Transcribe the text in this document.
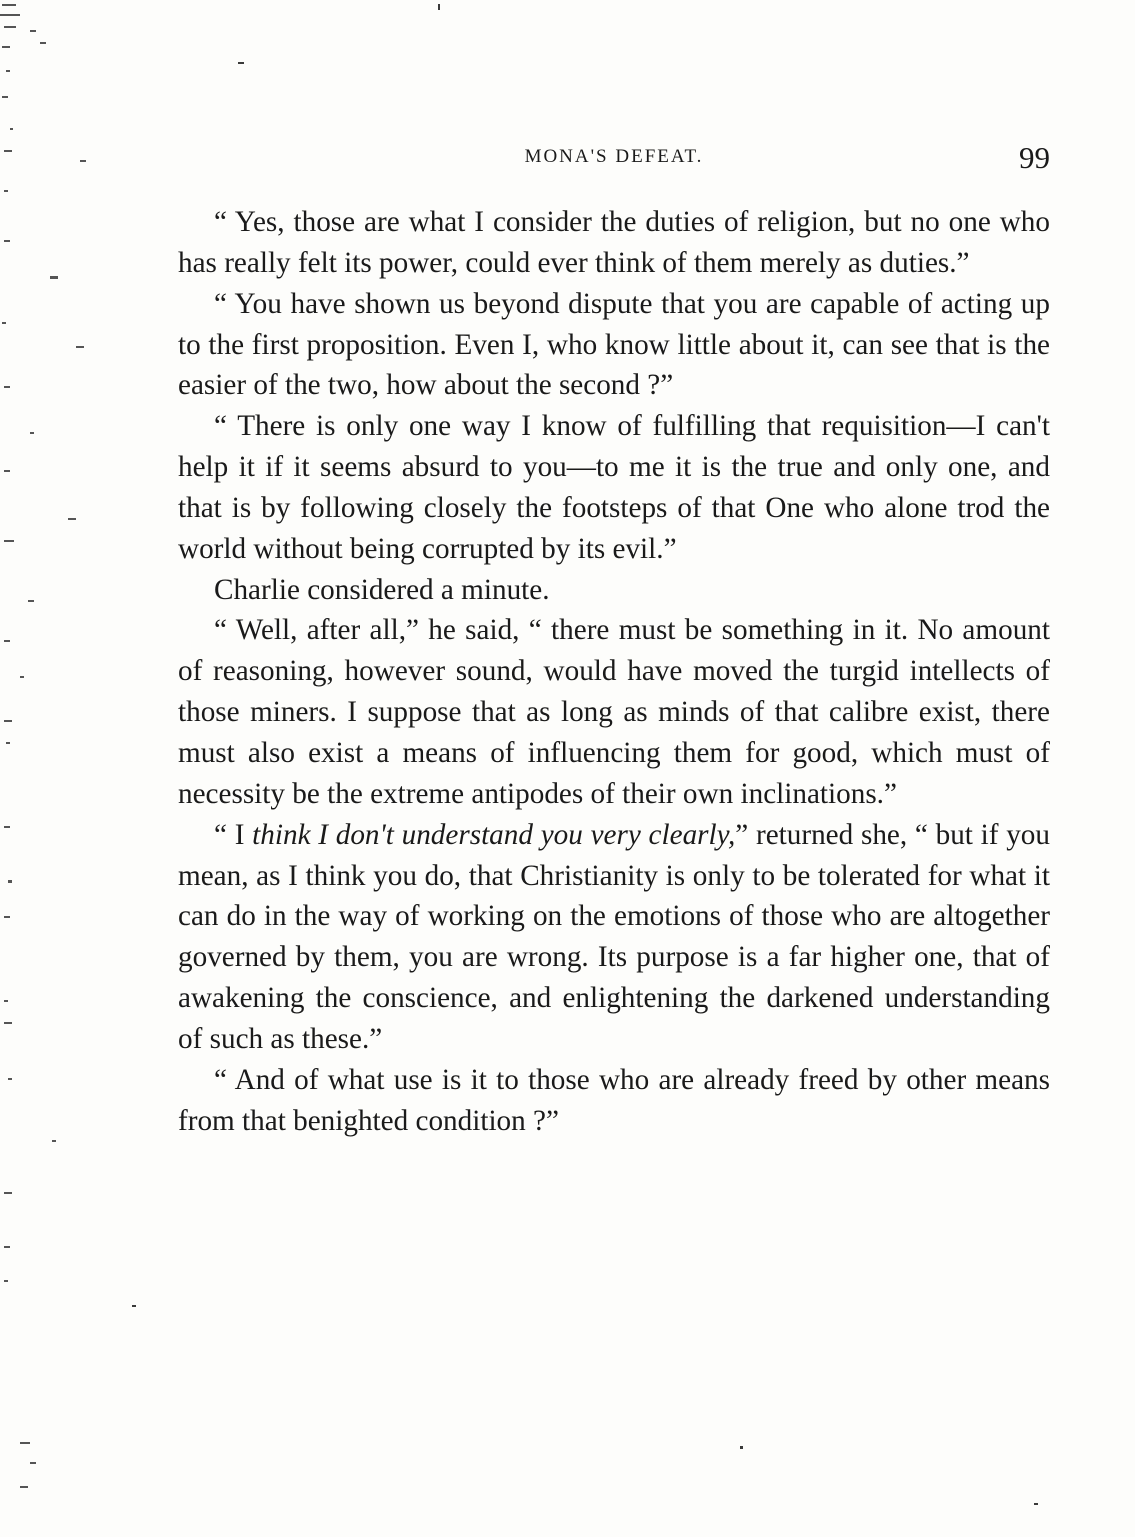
MONA'S DEFEAT.	99

“ Yes, those are what I consider the duties of religion, but no one who has really felt its power, could ever think of them merely as duties.”

“ You have shown us beyond dispute that you are capable of acting up to the first proposition. Even I, who know little about it, can see that is the easier of the two, how about the second ?”

“ There is only one way I know of fulfilling that requisition—I can't help it if it seems absurd to you—to me it is the true and only one, and that is by following closely the footsteps of that One who alone trod the world without being corrupted by its evil.”

Charlie considered a minute.

“ Well, after all,” he said, “ there must be something in it. No amount of reasoning, however sound, would have moved the turgid intellects of those miners. I suppose that as long as minds of that calibre exist, there must also exist a means of influencing them for good, which must of necessity be the extreme antipodes of their own inclinations.”

“ I think I don't understand you very clearly,” returned she, “ but if you mean, as I think you do, that Christianity is only to be tolerated for what it can do in the way of working on the emotions of those who are altogether governed by them, you are wrong. Its purpose is a far higher one, that of awakening the conscience, and enlightening the darkened understanding of such as these.”

“ And of what use is it to those who are already freed by other means from that benighted condition ?”
